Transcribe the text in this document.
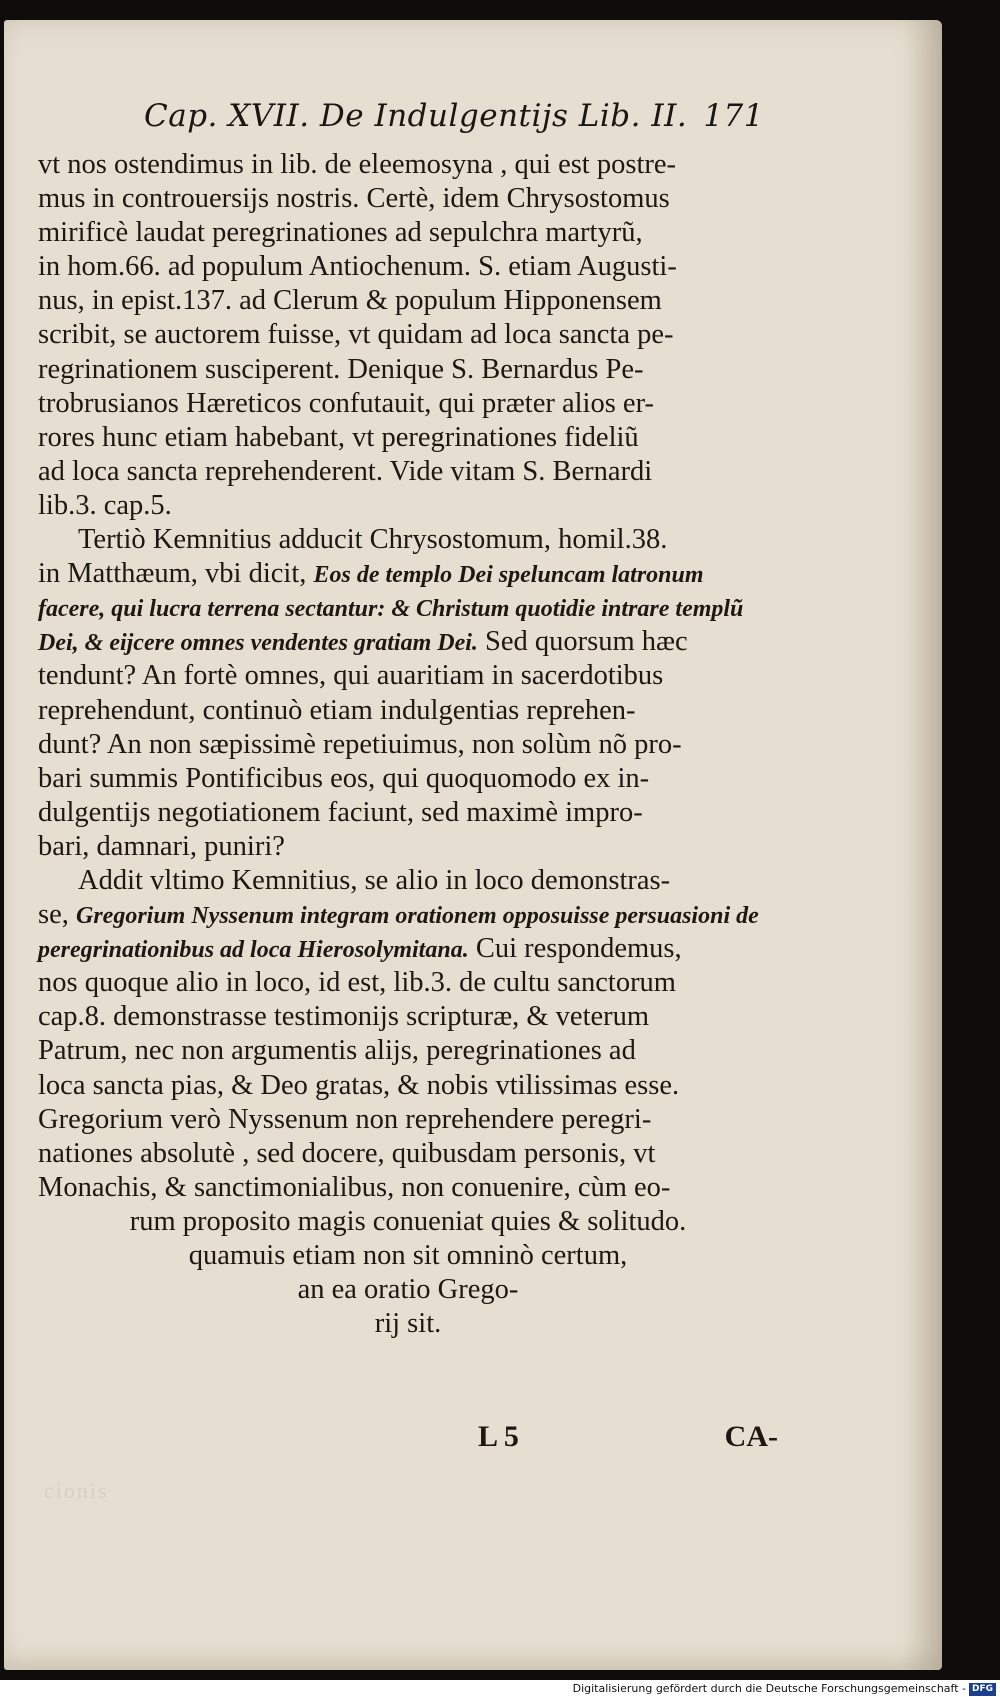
Cap. XVII. De Indulgentijs Lib. II. 171
vt nos ostendimus in lib. de eleemosyna , qui est postre-
mus in controuersijs nostris. Certè, idem Chrysostomus
mirificè laudat peregrinationes ad sepulchra martyrũ,
in hom.66. ad populum Antiochenum. S. etiam Augusti-
nus, in epist.137. ad Clerum & populum Hipponensem
scribit, se auctorem fuisse, vt quidam ad loca sancta pe-
regrinationem susciperent. Denique S. Bernardus Pe-
trobrusianos Hæreticos confutauit, qui præter alios er-
rores hunc etiam habebant, vt peregrinationes fideliũ
ad loca sancta reprehenderent. Vide vitam S. Bernardi
lib.3. cap.5.
Tertiò Kemnitius adducit Chrysostomum, homil.38.
in Matthæum, vbi dicit, Eos de templo Dei speluncam latronum
facere, qui lucra terrena sectantur: & Christum quotidie intrare templũ
Dei, & eijcere omnes vendentes gratiam Dei. Sed quorsum hæc
tendunt? An fortè omnes, qui auaritiam in sacerdotibus
reprehendunt, continuò etiam indulgentias reprehen-
dunt? An non sæpissimè repetiuimus, non solùm nõ pro-
bari summis Pontificibus eos, qui quoquomodo ex in-
dulgentijs negotiationem faciunt, sed maximè impro-
bari, damnari, puniri?
Addit vltimo Kemnitius, se alio in loco demonstras-
se, Gregorium Nyssenum integram orationem opposuisse persuasioni de
peregrinationibus ad loca Hierosolymitana. Cui respondemus,
nos quoque alio in loco, id est, lib.3. de cultu sanctorum
cap.8. demonstrasse testimonijs scripturæ, & veterum
Patrum, nec non argumentis alijs, peregrinationes ad
loca sancta pias, & Deo gratas, & nobis vtilissimas esse.
Gregorium verò Nyssenum non reprehendere peregri-
nationes absolutè , sed docere, quibusdam personis, vt
Monachis, & sanctimonialibus, non conuenire, cùm eo-
rum proposito magis conueniat quies & solitudo.
quamuis etiam non sit omninò certum,
an ea oratio Grego-
rij sit.
L 5	CA-
cionis
Digitalisierung gefördert durch die Deutsche Forschungsgemeinschaft - DFG
